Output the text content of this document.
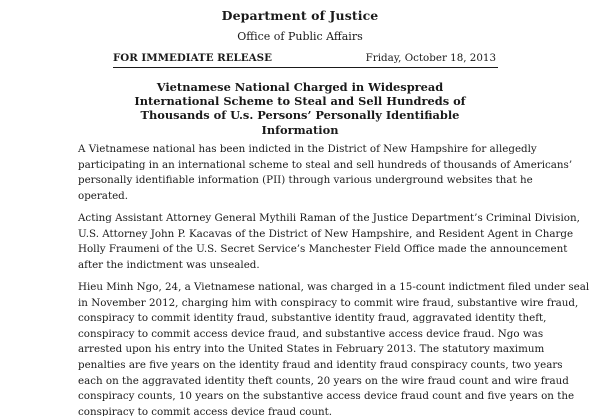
Department of Justice
Office of Public Affairs
FOR IMMEDIATE RELEASE	Friday, October 18, 2013
Vietnamese National Charged in Widespread
International Scheme to Steal and Sell Hundreds of
Thousands of U.s. Persons’ Personally Identifiable
Information

A Vietnamese national has been indicted in the District of New Hampshire for allegedly
participating in an international scheme to steal and sell hundreds of thousands of Americans’
personally identifiable information (PII) through various underground websites that he
operated.

Acting Assistant Attorney General Mythili Raman of the Justice Department’s Criminal Division,
U.S. Attorney John P. Kacavas of the District of New Hampshire, and Resident Agent in Charge
Holly Fraumeni of the U.S. Secret Service’s Manchester Field Office made the announcement
after the indictment was unsealed.

Hieu Minh Ngo, 24, a Vietnamese national, was charged in a 15-count indictment filed under seal
in November 2012, charging him with conspiracy to commit wire fraud, substantive wire fraud,
conspiracy to commit identity fraud, substantive identity fraud, aggravated identity theft,
conspiracy to commit access device fraud, and substantive access device fraud. Ngo was
arrested upon his entry into the United States in February 2013. The statutory maximum
penalties are five years on the identity fraud and identity fraud conspiracy counts, two years
each on the aggravated identity theft counts, 20 years on the wire fraud count and wire fraud
conspiracy counts, 10 years on the substantive access device fraud count and five years on the
conspiracy to commit access device fraud count.
